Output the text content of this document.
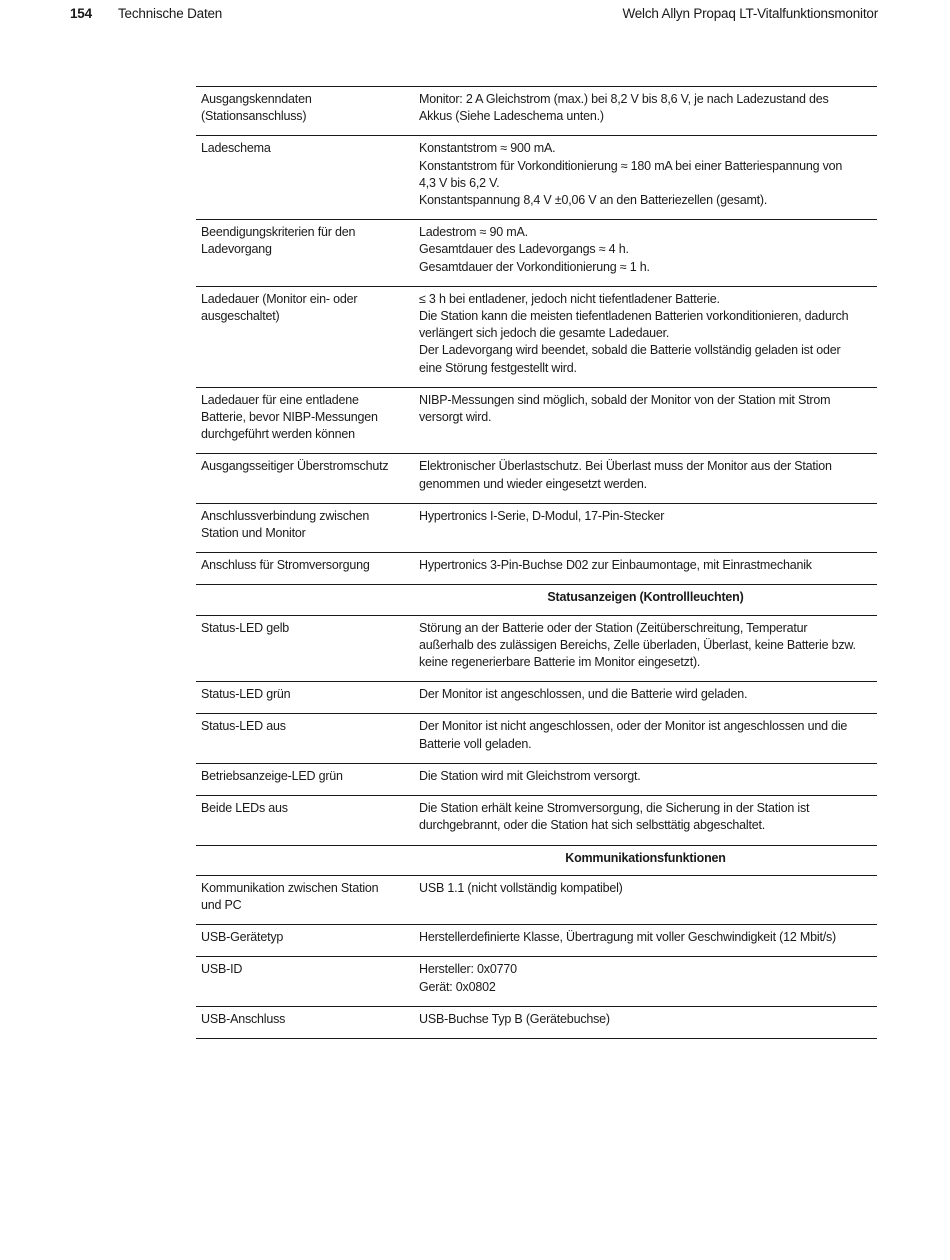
154 Technische Daten	Welch Allyn Propaq LT-Vitalfunktionsmonitor
Ausgangskenndaten
(Stationsanschluss)	Monitor: 2 A Gleichstrom (max.) bei 8,2 V bis 8,6 V, je nach Ladezustand des
Akkus (Siehe Ladeschema unten.)

Ladeschema	Konstantstrom ≈ 900 mA.
Konstantstrom für Vorkonditionierung ≈ 180 mA bei einer Batteriespannung von
4,3 V bis 6,2 V.
Konstantspannung 8,4 V ±0,06 V an den Batteriezellen (gesamt).

Beendigungskriterien für den
Ladevorgang	Ladestrom ≈ 90 mA.
Gesamtdauer des Ladevorgangs ≈ 4 h.
Gesamtdauer der Vorkonditionierung ≈ 1 h.

Ladedauer (Monitor ein- oder
ausgeschaltet)	≤ 3 h bei entladener, jedoch nicht tiefentladener Batterie.
Die Station kann die meisten tiefentladenen Batterien vorkonditionieren, dadurch
verlängert sich jedoch die gesamte Ladedauer.
Der Ladevorgang wird beendet, sobald die Batterie vollständig geladen ist oder
eine Störung festgestellt wird.

Ladedauer für eine entladene
Batterie, bevor NIBP-Messungen
durchgeführt werden können	NIBP-Messungen sind möglich, sobald der Monitor von der Station mit Strom
versorgt wird.

Ausgangsseitiger Überstromschutz	Elektronischer Überlastschutz. Bei Überlast muss der Monitor aus der Station
genommen und wieder eingesetzt werden.

Anschlussverbindung zwischen
Station und Monitor	Hypertronics I-Serie, D-Modul, 17-Pin-Stecker

Anschluss für Stromversorgung	Hypertronics 3-Pin-Buchse D02 zur Einbaumontage, mit Einrastmechanik

	Statusanzeigen (Kontrollleuchten)

Status-LED gelb	Störung an der Batterie oder der Station (Zeitüberschreitung, Temperatur
außerhalb des zulässigen Bereichs, Zelle überladen, Überlast, keine Batterie bzw.
keine regenerierbare Batterie im Monitor eingesetzt).

Status-LED grün	Der Monitor ist angeschlossen, und die Batterie wird geladen.

Status-LED aus	Der Monitor ist nicht angeschlossen, oder der Monitor ist angeschlossen und die
Batterie voll geladen.

Betriebsanzeige-LED grün	Die Station wird mit Gleichstrom versorgt.

Beide LEDs aus	Die Station erhält keine Stromversorgung, die Sicherung in der Station ist
durchgebrannt, oder die Station hat sich selbsttätig abgeschaltet.

	Kommunikationsfunktionen

Kommunikation zwischen Station
und PC	USB 1.1 (nicht vollständig kompatibel)

USB-Gerätetyp	Herstellerdefinierte Klasse, Übertragung mit voller Geschwindigkeit (12 Mbit/s)

USB-ID	Hersteller: 0x0770
Gerät: 0x0802

USB-Anschluss	USB-Buchse Typ B (Gerätebuchse)
